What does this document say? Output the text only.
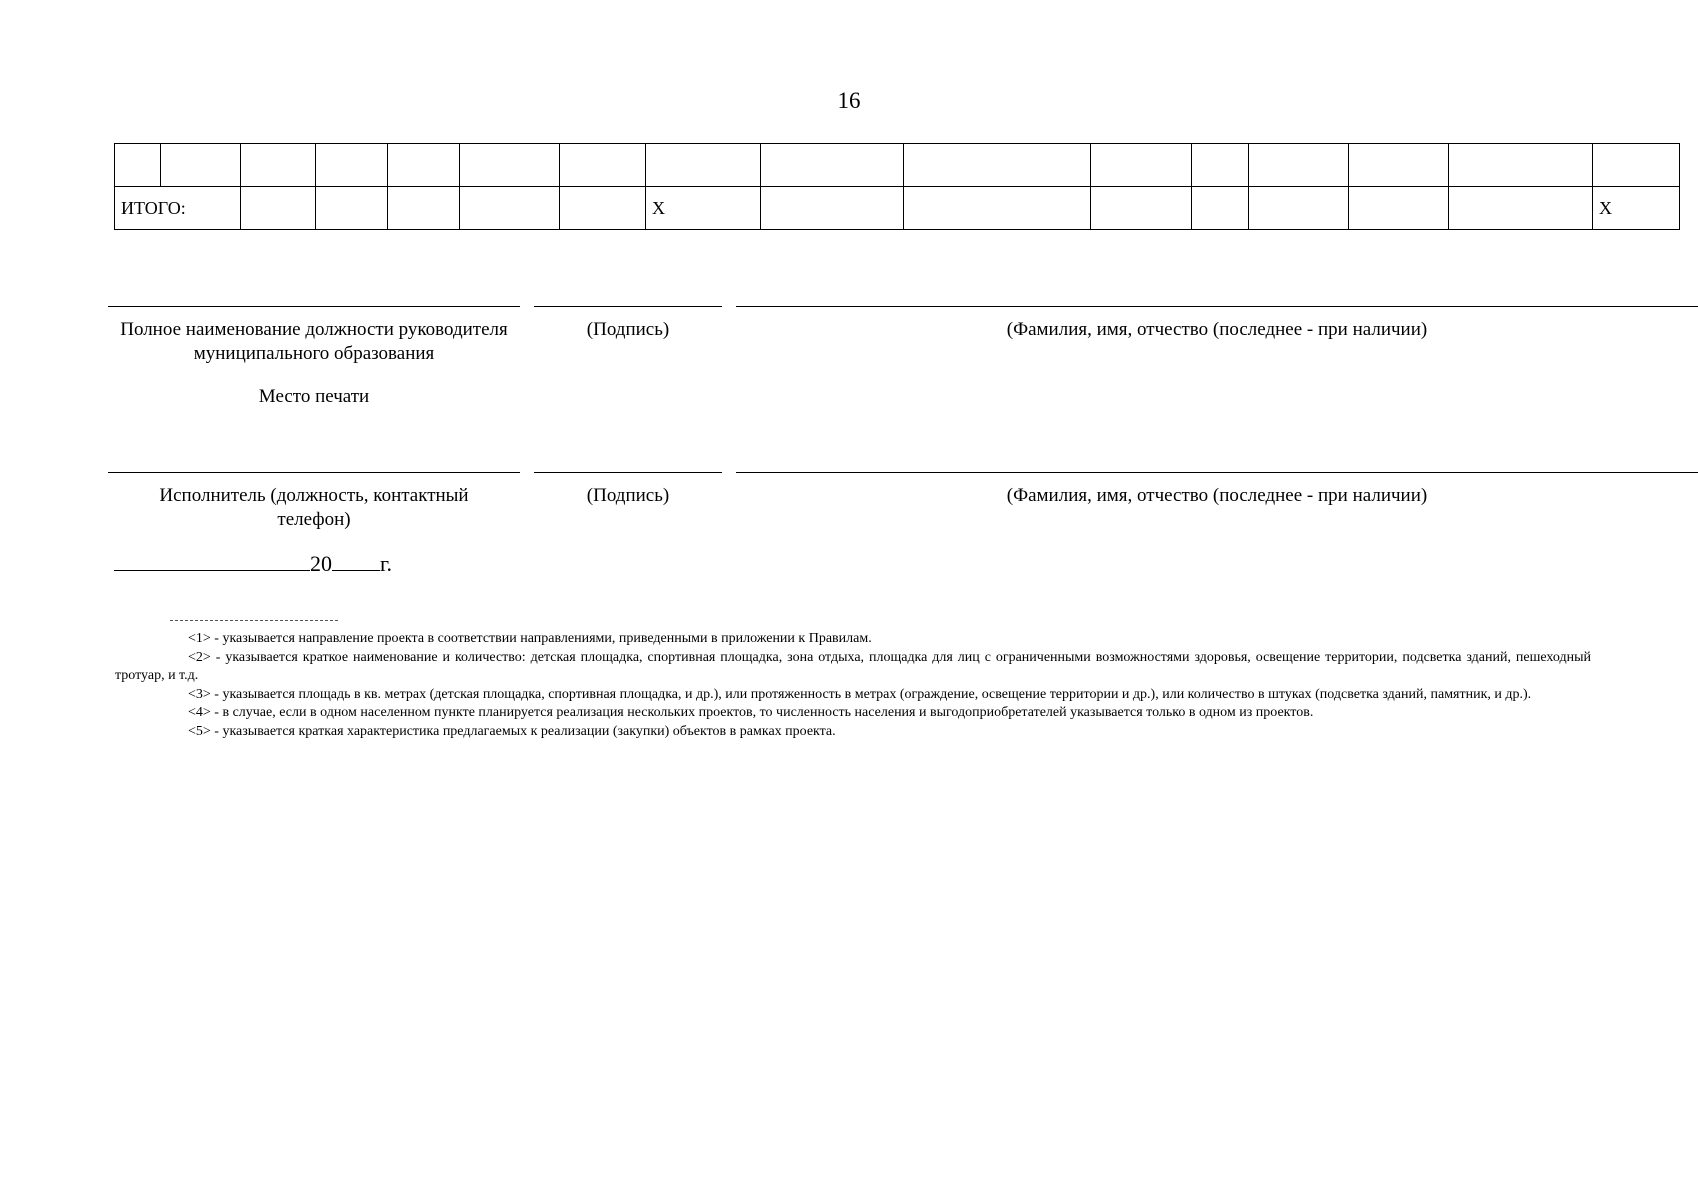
16

ИТОГО:							X								X
Полное наименование должности руководителя муниципального образования
(Подпись)	(Фамилия, имя, отчество (последнее - при наличии)
Место печати
Исполнитель (должность, контактный телефон)
(Подпись)	(Фамилия, имя, отчество (последнее - при наличии)
20 г.

<1> - указывается направление проекта в соответствии направлениями, приведенными в приложении к Правилам.

<2> - указывается краткое наименование и количество: детская площадка, спортивная площадка, зона отдыха, площадка для лиц с ограниченными возможностями здоровья, освещение территории, подсветка зданий, пешеходный тротуар, и т.д.

<3> - указывается площадь в кв. метрах (детская площадка, спортивная площадка, и др.), или протяженность в метрах (ограждение, освещение территории и др.), или количество в штуках (подсветка зданий, памятник, и др.).

<4> - в случае, если в одном населенном пункте планируется реализация нескольких проектов, то численность населения и выгодоприобретателей указывается только в одном из проектов.

<5> - указывается краткая характеристика предлагаемых к реализации (закупки) объектов в рамках проекта.
